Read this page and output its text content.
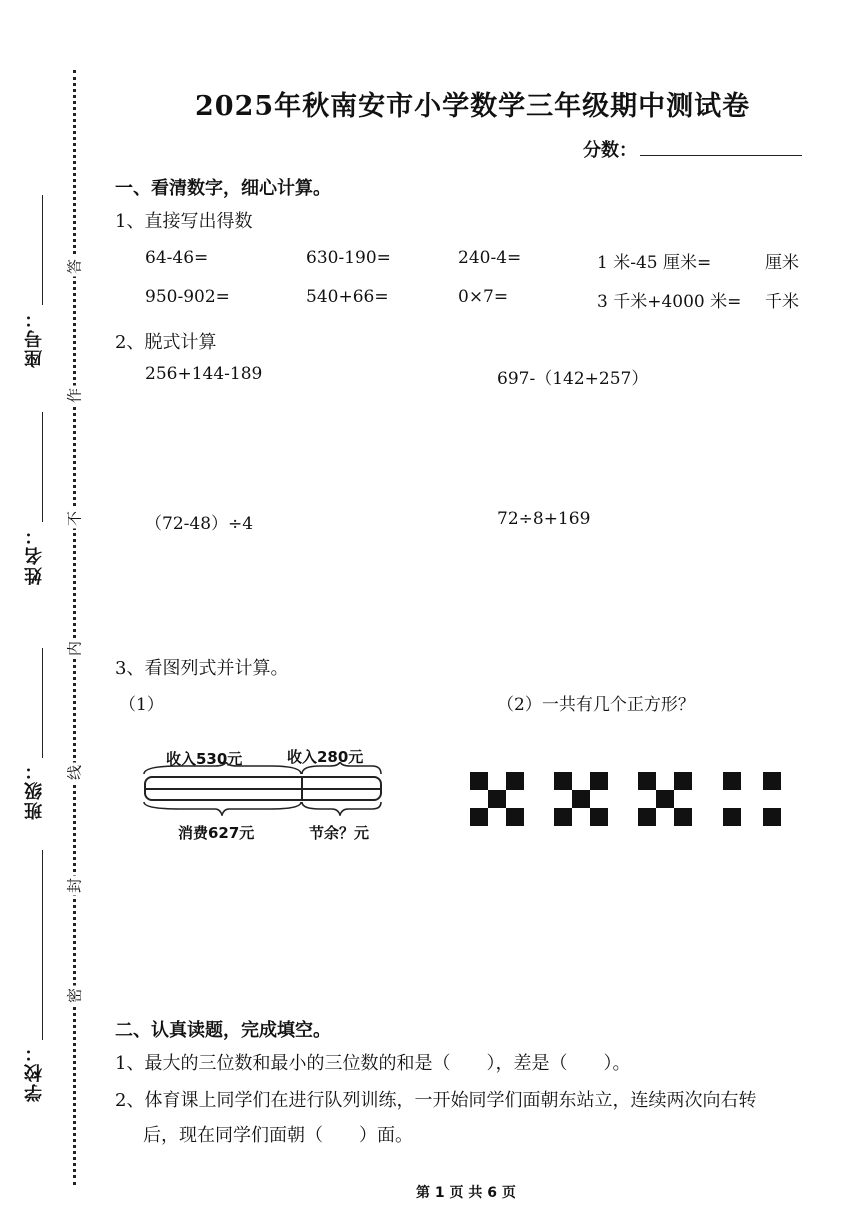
学校：
班级：
姓名：
座号：
答
作
不
内
线
封
密
2025年秋南安市小学数学三年级期中测试卷
分数：
一、看清数字，细心计算。
1、直接写出得数
64-46=	630-190=	240-4=	1 米-45 厘米=	厘米
950-902=	540+66=	0×7=	3 千米+4000 米= 千米
2、脱式计算
256+144-189	697-（142+257）
（72-48）÷4	72÷8+169
3、看图列式并计算。
（1）	（2）一共有几个正方形？
收入530元	收入280元
消费627元	节余？元
二、认真读题，完成填空。
1、最大的三位数和最小的三位数的和是（　　），差是（　　）。
2、体育课上同学们在进行队列训练，一开始同学们面朝东站立，连续两次向右转
后，现在同学们面朝（　　）面。
第 1 页 共 6 页
